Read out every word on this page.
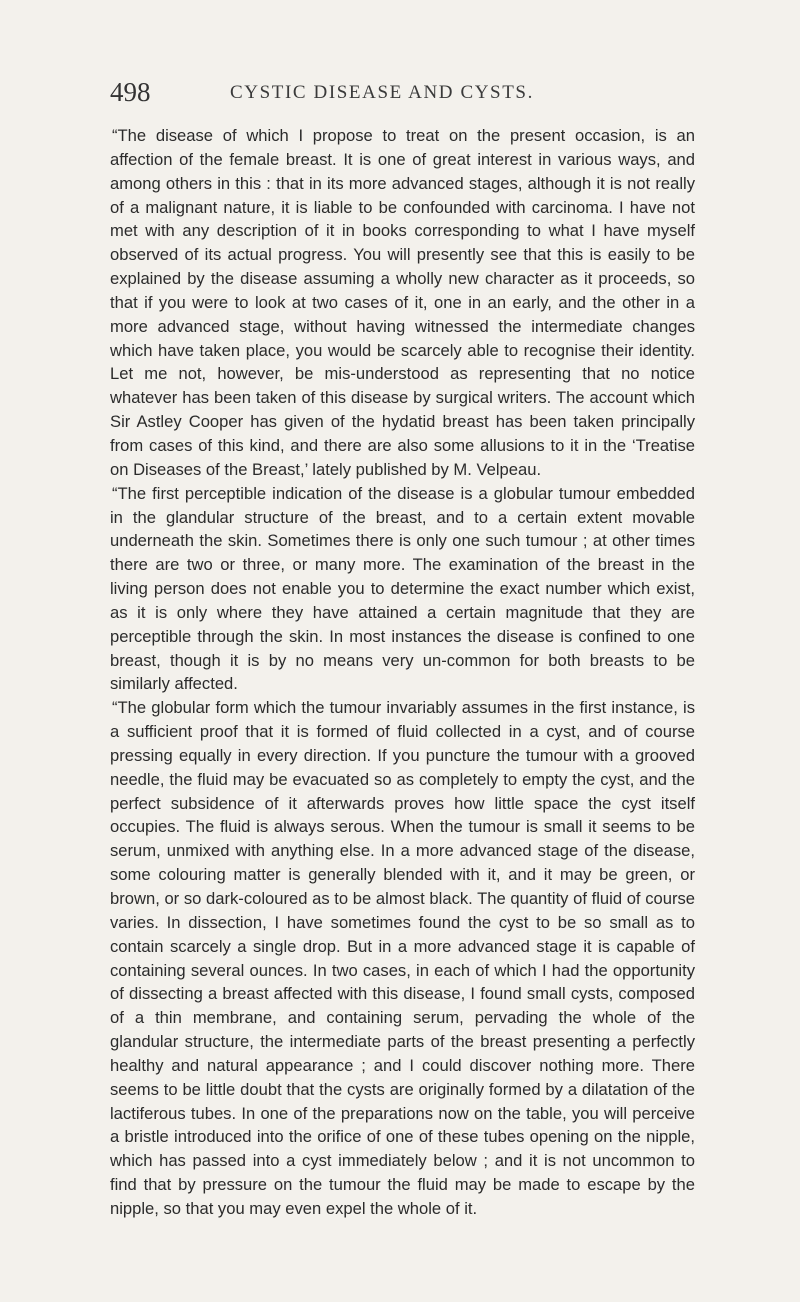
498	CYSTIC DISEASE AND CYSTS.

“The disease of which I propose to treat on the present occasion, is an affection of the female breast. It is one of great interest in various ways, and among others in this : that in its more advanced stages, although it is not really of a malignant nature, it is liable to be confounded with carcinoma. I have not met with any description of it in books corresponding to what I have myself observed of its actual progress. You will presently see that this is easily to be explained by the disease assuming a wholly new character as it proceeds, so that if you were to look at two cases of it, one in an early, and the other in a more advanced stage, without having witnessed the intermediate changes which have taken place, you would be scarcely able to recognise their identity. Let me not, however, be mis-understood as representing that no notice whatever has been taken of this disease by surgical writers. The account which Sir Astley Cooper has given of the hydatid breast has been taken principally from cases of this kind, and there are also some allusions to it in the ‘Treatise on Diseases of the Breast,’ lately published by M. Velpeau.

“The first perceptible indication of the disease is a globular tumour embedded in the glandular structure of the breast, and to a certain extent movable underneath the skin. Sometimes there is only one such tumour ; at other times there are two or three, or many more. The examination of the breast in the living person does not enable you to determine the exact number which exist, as it is only where they have attained a certain magnitude that they are perceptible through the skin. In most instances the disease is confined to one breast, though it is by no means very un-common for both breasts to be similarly affected.

“The globular form which the tumour invariably assumes in the first instance, is a sufficient proof that it is formed of fluid collected in a cyst, and of course pressing equally in every direction. If you puncture the tumour with a grooved needle, the fluid may be evacuated so as completely to empty the cyst, and the perfect subsidence of it afterwards proves how little space the cyst itself occupies. The fluid is always serous. When the tumour is small it seems to be serum, unmixed with anything else. In a more advanced stage of the disease, some colouring matter is generally blended with it, and it may be green, or brown, or so dark-coloured as to be almost black. The quantity of fluid of course varies. In dissection, I have sometimes found the cyst to be so small as to contain scarcely a single drop. But in a more advanced stage it is capable of containing several ounces. In two cases, in each of which I had the opportunity of dissecting a breast affected with this disease, I found small cysts, composed of a thin membrane, and containing serum, pervading the whole of the glandular structure, the intermediate parts of the breast presenting a perfectly healthy and natural appearance ; and I could discover nothing more. There seems to be little doubt that the cysts are originally formed by a dilatation of the lactiferous tubes. In one of the preparations now on the table, you will perceive a bristle introduced into the orifice of one of these tubes opening on the nipple, which has passed into a cyst immediately below ; and it is not uncommon to find that by pressure on the tumour the fluid may be made to escape by the nipple, so that you may even expel the whole of it.
